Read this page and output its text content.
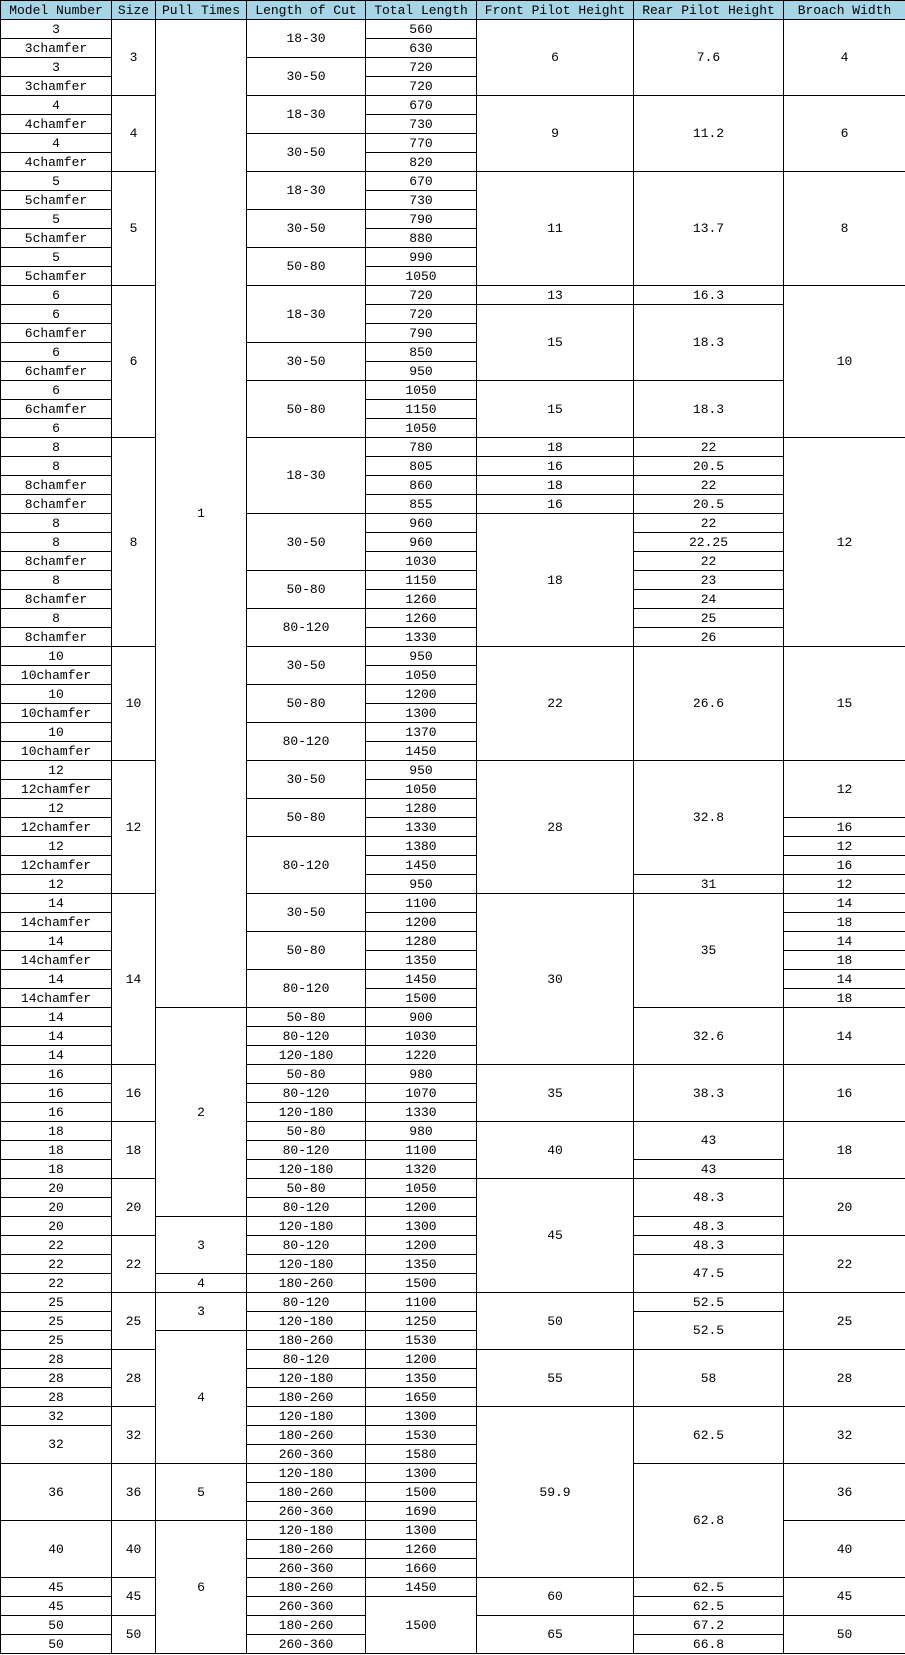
Model Number	Size	Pull Times	Length of Cut	Total Length	Front Pilot Height	Rear Pilot Height	Broach Width
3	3	1	18-30	560	6	7.6	4
3chamfer				630			
3			30-50	720			
3chamfer				720			
4	4		18-30	670	9	11.2	6
4chamfer				730			
4			30-50	770			
4chamfer				820			
5	5		18-30	670	11	13.7	8
5chamfer				730			
5			30-50	790			
5chamfer				880			
5			50-80	990			
5chamfer				1050			
6	6		18-30	720	13	16.3	10
6				720	15	18.3	
6chamfer				790			
6			30-50	850			
6chamfer				950			
6			50-80	1050	15	18.3	
6chamfer				1150			
6				1050			
8	8		18-30	780	18	22	12
8				805	16	20.5	
8chamfer				860	18	22	
8chamfer				855	16	20.5	
8			30-50	960	18	22	
8				960		22.25	
8chamfer				1030		22	
8			50-80	1150		23	
8chamfer				1260		24	
8			80-120	1260		25	
8chamfer				1330		26	
10	10		30-50	950	22	26.6	15
10chamfer				1050			
10			50-80	1200			
10chamfer				1300			
10			80-120	1370			
10chamfer				1450			
12	12		30-50	950	28	32.8	12
12chamfer				1050			
12			50-80	1280			
12chamfer				1330			16
12			80-120	1380			12
12chamfer				1450			16
12				950		31	12
14	14		30-50	1100	30	35	14
14chamfer				1200			18
14			50-80	1280			14
14chamfer				1350			18
14			80-120	1450			14
14chamfer				1500			18
14		2	50-80	900		32.6	14
14			80-120	1030			
14			120-180	1220			
16	16		50-80	980	35	38.3	16
16			80-120	1070			
16			120-180	1330			
18	18		50-80	980	40	43	18
18			80-120	1100			
18			120-180	1320		43	
20	20		50-80	1050	45	48.3	20
20			80-120	1200			
20		3	120-180	1300		48.3	
22	22		80-120	1200		48.3	22
22			120-180	1350		47.5	
22		4	180-260	1500			
25	25	3	80-120	1100	50	52.5	25
25			120-180	1250		52.5	
25		4	180-260	1530			
28	28		80-120	1200	55	58	28
28			120-180	1350			
28			180-260	1650			
32	32		120-180	1300	59.9	62.5	32
32			180-260	1530			
			260-360	1580			
36	36	5	120-180	1300		62.8	36
			180-260	1500			
			260-360	1690			
40	40	6	120-180	1300			40
			180-260	1260			
			260-360	1660			
45	45		180-260	1450	60	62.5	45
45			260-360	1500		62.5	
50	50		180-260		65	67.2	50
50			260-360			66.8	
